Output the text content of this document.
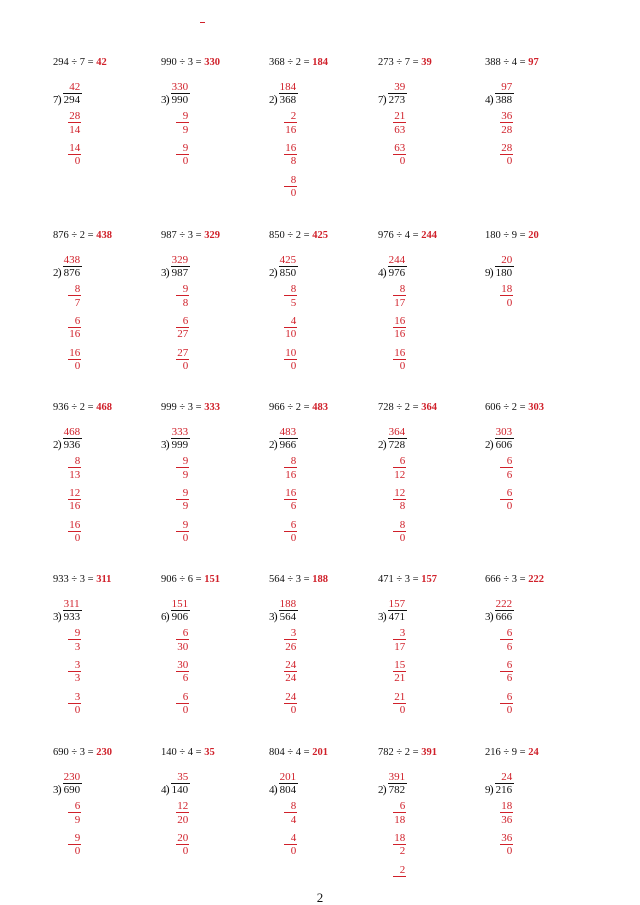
294 ÷ 7 = 42
42
7 ) 294
28
14
14
0
990 ÷ 3 = 330
330
3 ) 990
9
9
9
0
368 ÷ 2 = 184
184
2 ) 368
2
16
16
8
8
0
273 ÷ 7 = 39
39
7 ) 273
21
63
63
0
388 ÷ 4 = 97
97
4 ) 388
36
28
28
0
876 ÷ 2 = 438
438
2 ) 876
8
7
6
16
16
0
987 ÷ 3 = 329
329
3 ) 987
9
8
6
27
27
0
850 ÷ 2 = 425
425
2 ) 850
8
5
4
10
10
0
976 ÷ 4 = 244
244
4 ) 976
8
17
16
16
16
0
180 ÷ 9 = 20
20
9 ) 180
18
0
936 ÷ 2 = 468
468
2 ) 936
8
13
12
16
16
0
999 ÷ 3 = 333
333
3 ) 999
9
9
9
9
9
0
966 ÷ 2 = 483
483
2 ) 966
8
16
16
6
6
0
728 ÷ 2 = 364
364
2 ) 728
6
12
12
8
8
0
606 ÷ 2 = 303
303
2 ) 606
6
6
6
0
933 ÷ 3 = 311
311
3 ) 933
9
3
3
3
3
0
906 ÷ 6 = 151
151
6 ) 906
6
30
30
6
6
0
564 ÷ 3 = 188
188
3 ) 564
3
26
24
24
24
0
471 ÷ 3 = 157
157
3 ) 471
3
17
15
21
21
0
666 ÷ 3 = 222
222
3 ) 666
6
6
6
6
6
0
690 ÷ 3 = 230
230
3 ) 690
6
9
9
0
140 ÷ 4 = 35
35
4 ) 140
12
20
20
0
804 ÷ 4 = 201
201
4 ) 804
8
4
4
0
782 ÷ 2 = 391
391
2 ) 782
6
18
18
2
2
216 ÷ 9 = 24
24
9 ) 216
18
36
36
0
2
